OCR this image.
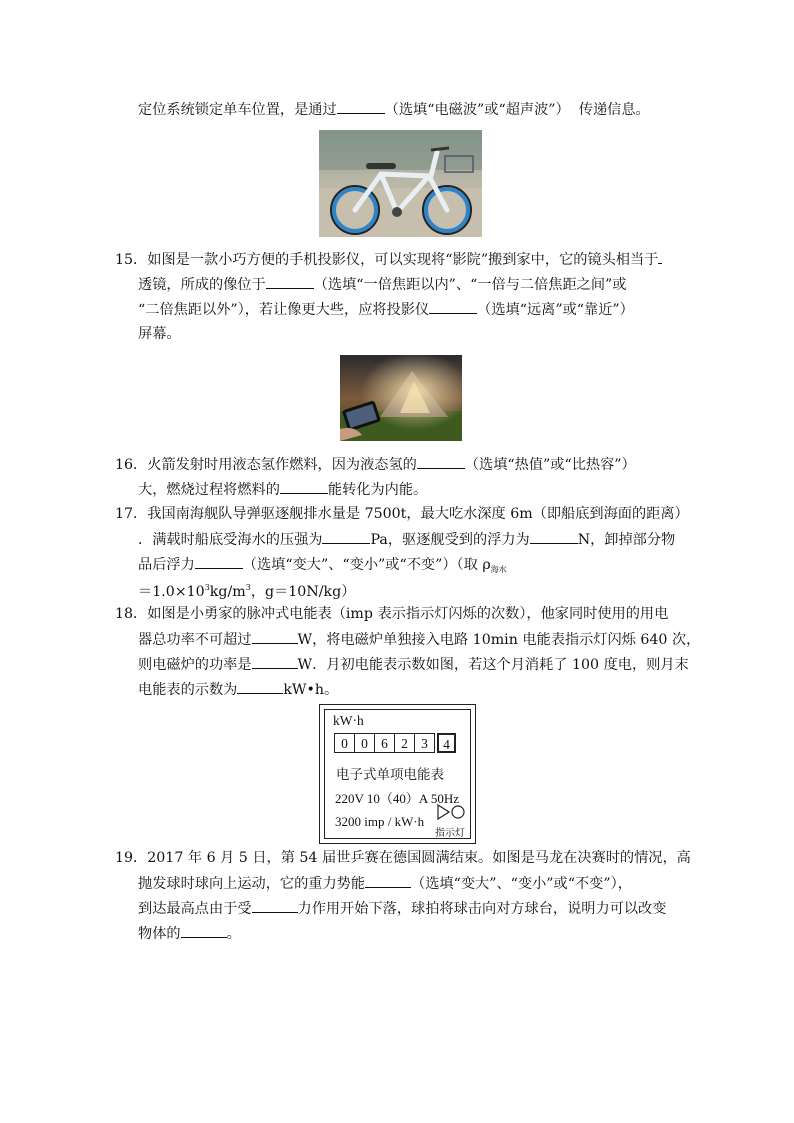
定位系统锁定单车位置，是通过	（选填“电磁波”或“超声波”） 传递信息。
15．如图是一款小巧方便的手机投影仪，可以实现将“影院”搬到家中，它的镜头相当于
透镜，所成的像位于	（选填“一倍焦距以内”、“一倍与二倍焦距之间”或
“二倍焦距以外”），若让像更大些，应将投影仪	（选填“远离”或“靠近”）
屏幕。
16．火箭发射时用液态氢作燃料，因为液态氢的	（选填“热值”或“比热容”）
大，燃烧过程将燃料的	能转化为内能。
17．我国南海舰队导弹驱逐舰排水量是 7500t，最大吃水深度 6m（即船底到海面的距离）
．满载时船底受海水的压强为	Pa，驱逐舰受到的浮力为	N，卸掉部分物
品后浮力	（选填“变大”、“变小”或“不变”）（取 $\rho_{海水}$
$=1.0\times 10^3kg/m^3$，g＝10N/kg）
18．如图是小勇家的脉冲式电能表（imp 表示指示灯闪烁的次数），他家同时使用的用电
器总功率不可超过	W，将电磁炉单独接入电路 10min 电能表指示灯闪烁 640 次，
则电磁炉的功率是	W．月初电能表示数如图，若这个月消耗了 100 度电，则月末
电能表的示数为	kW•h。
kW·h
0 0 6 2 3	4
电子式单项电能表
220V 10（40）A 50Hz
3200 imp / kW·h
指示灯
19．2017 年 6 月 5 日，第 54 届世乒赛在德国圆满结束。如图是马龙在决赛时的情况，高
抛发球时球向上运动，它的重力势能	（选填“变大”、“变小”或“不变”），
到达最高点由于受	力作用开始下落，球拍将球击向对方球台，说明力可以改变
物体的	。
